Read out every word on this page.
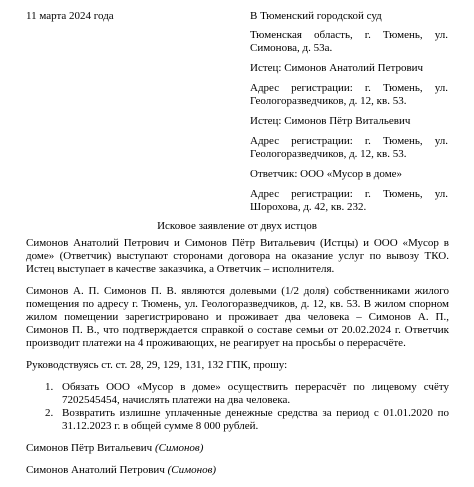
11 марта 2024 года	В Тюменский городской суд

Тюменская область, г. Тюмень, ул. Симонова, д. 53а.

Истец: Симонов Анатолий Петрович

Адрес регистрации: г. Тюмень, ул. Геологоразведчиков, д. 12, кв. 53.

Истец: Симонов Пётр Витальевич

Адрес регистрации: г. Тюмень, ул. Геологоразведчиков, д. 12, кв. 53.

Ответчик: ООО «Мусор в доме»

Адрес регистрации: г. Тюмень, ул. Шорохова, д. 42, кв. 232.

Исковое заявление от двух истцов

Симонов Анатолий Петрович и Симонов Пётр Витальевич (Истцы) и ООО «Мусор в доме» (Ответчик) выступают сторонами договора на оказание услуг по вывозу ТКО. Истец выступает в качестве заказчика, а Ответчик – исполнителя.

Симонов А. П. Симонов П. В. являются долевыми (1/2 доля) собственниками жилого помещения по адресу г. Тюмень, ул. Геологоразведчиков, д. 12, кв. 53. В жилом спорном жилом помещении зарегистрировано и проживает два человека – Симонов А. П., Симонов П. В., что подтверждается справкой о составе семьи от 20.02.2024 г. Ответчик производит платежи на 4 проживающих, не реагирует на просьбы о перерасчёте.

Руководствуясь ст. ст. 28, 29, 129, 131, 132 ГПК, прошу:

1. Обязать ООО «Мусор в доме» осуществить перерасчёт по лицевому счёту 7202545454, начислять платежи на два человека.
2. Возвратить излишне уплаченные денежные средства за период с 01.01.2020 по 31.12.2023 г. в общей сумме 8 000 рублей.
Симонов Пётр Витальевич (Симонов)
Симонов Анатолий Петрович (Симонов)
